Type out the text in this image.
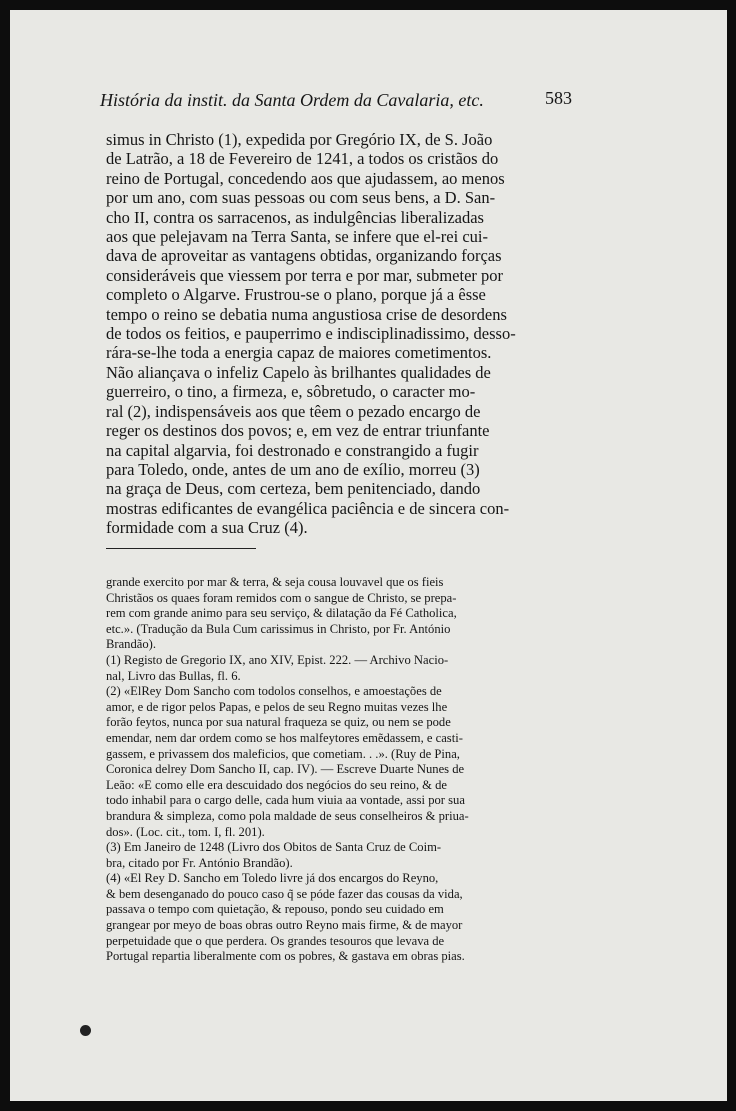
História da instit. da Santa Ordem da Cavalaria, etc.	583

simus in Christo (1), expedida por Gregório IX, de S. João

de Latrão, a 18 de Fevereiro de 1241, a todos os cristãos do

reino de Portugal, concedendo aos que ajudassem, ao menos

por um ano, com suas pessoas ou com seus bens, a D. San-

cho II, contra os sarracenos, as indulgências liberalizadas

aos que pelejavam na Terra Santa, se infere que el-rei cui-

dava de aproveitar as vantagens obtidas, organizando forças

consideráveis que viessem por terra e por mar, submeter por

completo o Algarve. Frustrou-se o plano, porque já a êsse

tempo o reino se debatia numa angustiosa crise de desordens

de todos os feitios, e pauperrimo e indisciplinadissimo, desso-

rára-se-lhe toda a energia capaz de maiores cometimentos.

Não aliançava o infeliz Capelo às brilhantes qualidades de

guerreiro, o tino, a firmeza, e, sôbretudo, o caracter mo-

ral (2), indispensáveis aos que têem o pezado encargo de

reger os destinos dos povos; e, em vez de entrar triunfante

na capital algarvia, foi destronado e constrangido a fugir

para Toledo, onde, antes de um ano de exílio, morreu (3)

na graça de Deus, com certeza, bem penitenciado, dando

mostras edificantes de evangélica paciência e de sincera con-

formidade com a sua Cruz (4).

grande exercito por mar & terra, & seja cousa louvavel que os fieis

Christãos os quaes foram remidos com o sangue de Christo, se prepa-

rem com grande animo para seu serviço, & dilatação da Fé Catholica,

etc.». (Tradução da Bula Cum carissimus in Christo, por Fr. António

Brandão).

(1) Registo de Gregorio IX, ano XIV, Epist. 222. — Archivo Nacio-

nal, Livro das Bullas, fl. 6.

(2) «ElRey Dom Sancho com todolos conselhos, e amoestações de

amor, e de rigor pelos Papas, e pelos de seu Regno muitas vezes lhe

forão feytos, nunca por sua natural fraqueza se quiz, ou nem se pode

emendar, nem dar ordem como se hos malfeytores emẽdassem, e casti-

gassem, e privassem dos maleficios, que cometiam. . .». (Ruy de Pina,

Coronica delrey Dom Sancho II, cap. IV). — Escreve Duarte Nunes de

Leão: «E como elle era descuidado dos negócios do seu reino, & de

todo inhabil para o cargo delle, cada hum viuia aa vontade, assi por sua

brandura & simpleza, como pola maldade de seus conselheiros & priua-

dos». (Loc. cit., tom. I, fl. 201).

(3) Em Janeiro de 1248 (Livro dos Obitos de Santa Cruz de Coim-

bra, citado por Fr. António Brandão).

(4) «El Rey D. Sancho em Toledo livre já dos encargos do Reyno,

& bem desenganado do pouco caso q̃ se póde fazer das cousas da vida,

passava o tempo com quietação, & repouso, pondo seu cuidado em

grangear por meyo de boas obras outro Reyno mais firme, & de mayor

perpetuidade que o que perdera. Os grandes tesouros que levava de

Portugal repartia liberalmente com os pobres, & gastava em obras pias.
